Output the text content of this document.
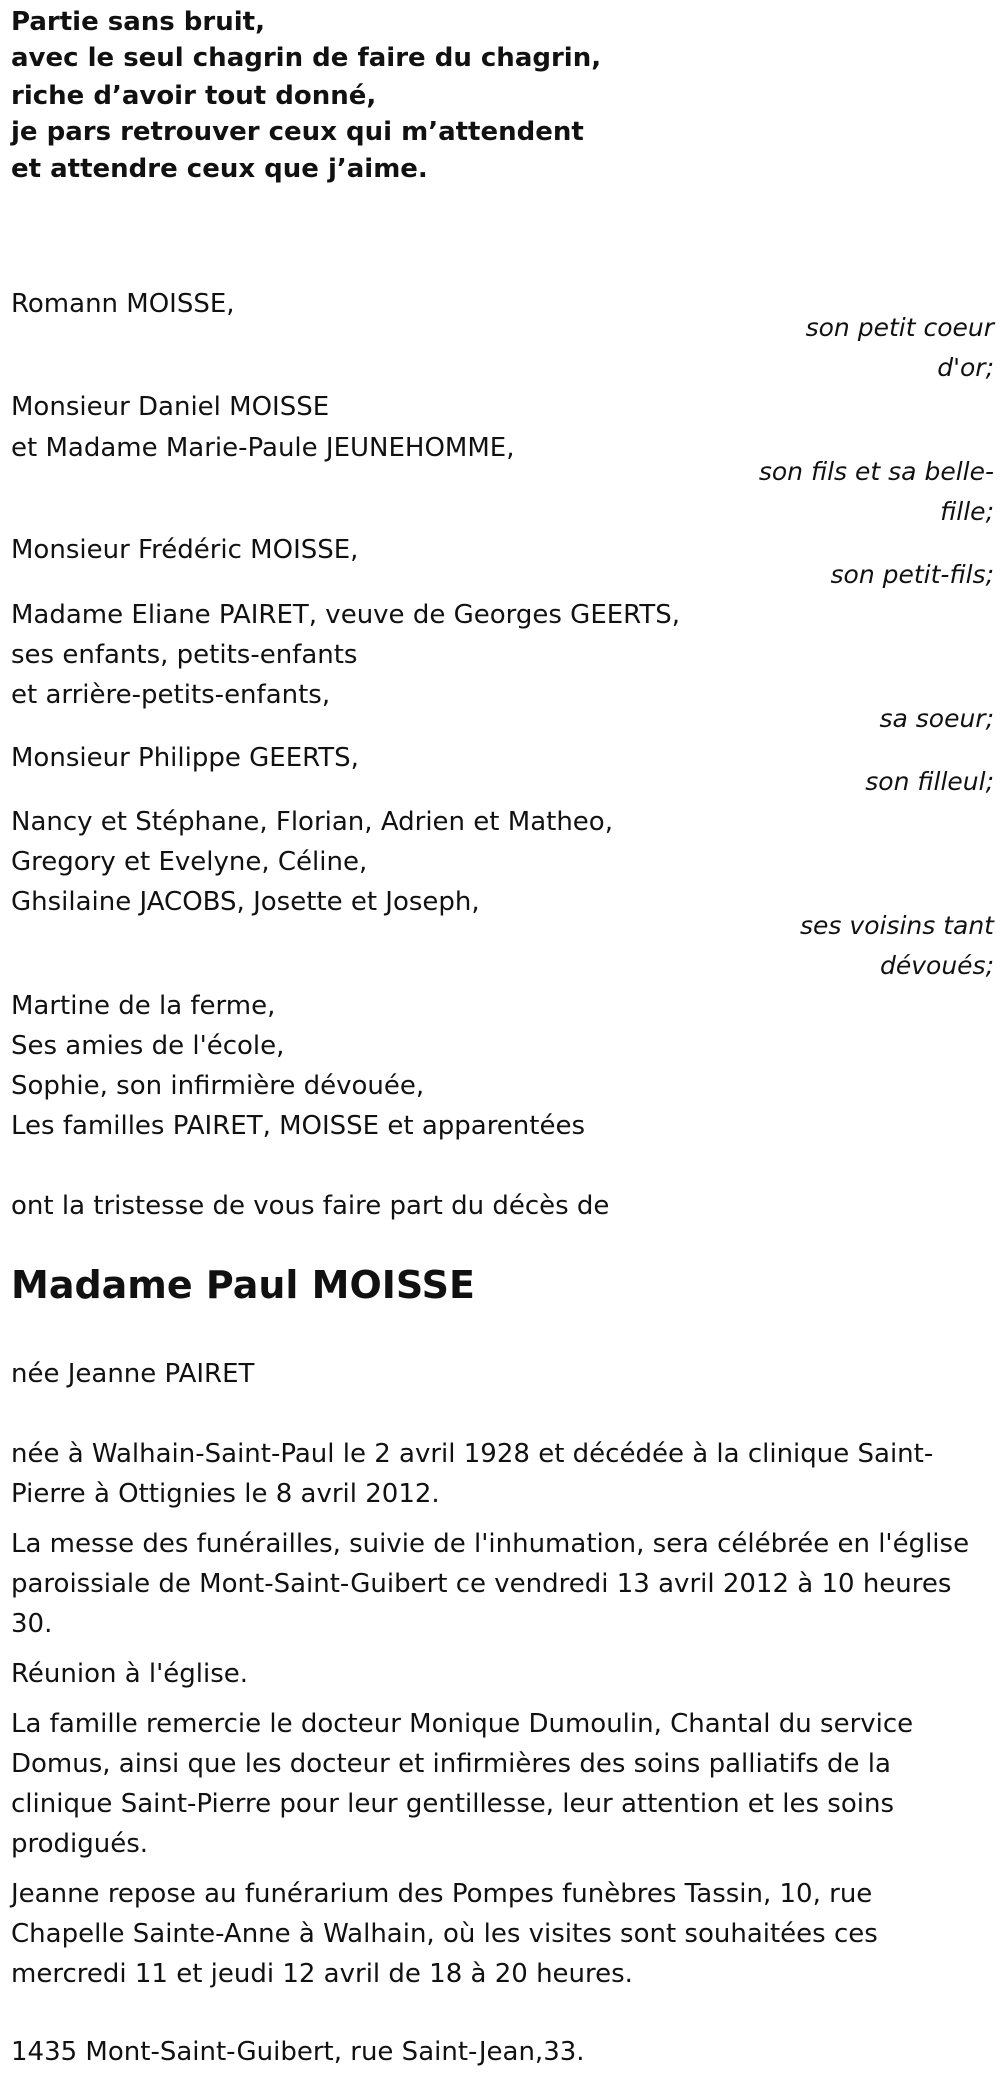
Partie sans bruit,
avec le seul chagrin de faire du chagrin,
riche d’avoir tout donné,
je pars retrouver ceux qui m’attendent
et attendre ceux que j’aime.
Romann MOISSE,
son petit coeur
d'or;
Monsieur Daniel MOISSE
et Madame Marie-Paule JEUNEHOMME,
son fils et sa belle-
fille;
Monsieur Frédéric MOISSE,
son petit-fils;
Madame Eliane PAIRET, veuve de Georges GEERTS,
ses enfants, petits-enfants
et arrière-petits-enfants,
sa soeur;
Monsieur Philippe GEERTS,
son filleul;
Nancy et Stéphane, Florian, Adrien et Matheo,
Gregory et Evelyne, Céline,
Ghsilaine JACOBS, Josette et Joseph,
ses voisins tant
dévoués;
Martine de la ferme,
Ses amies de l'école,
Sophie, son infirmière dévouée,
Les familles PAIRET, MOISSE et apparentées
ont la tristesse de vous faire part du décès de
Madame Paul MOISSE
née Jeanne PAIRET
née à Walhain-Saint-Paul le 2 avril 1928 et décédée à la clinique Saint-
Pierre à Ottignies le 8 avril 2012.
La messe des funérailles, suivie de l'inhumation, sera célébrée en l'église
paroissiale de Mont-Saint-Guibert ce vendredi 13 avril 2012 à 10 heures
30.
Réunion à l'église.
La famille remercie le docteur Monique Dumoulin, Chantal du service
Domus, ainsi que les docteur et infirmières des soins palliatifs de la
clinique Saint-Pierre pour leur gentillesse, leur attention et les soins
prodigués.
Jeanne repose au funérarium des Pompes funèbres Tassin, 10, rue
Chapelle Sainte-Anne à Walhain, où les visites sont souhaitées ces
mercredi 11 et jeudi 12 avril de 18 à 20 heures.
1435 Mont-Saint-Guibert, rue Saint-Jean,33.
